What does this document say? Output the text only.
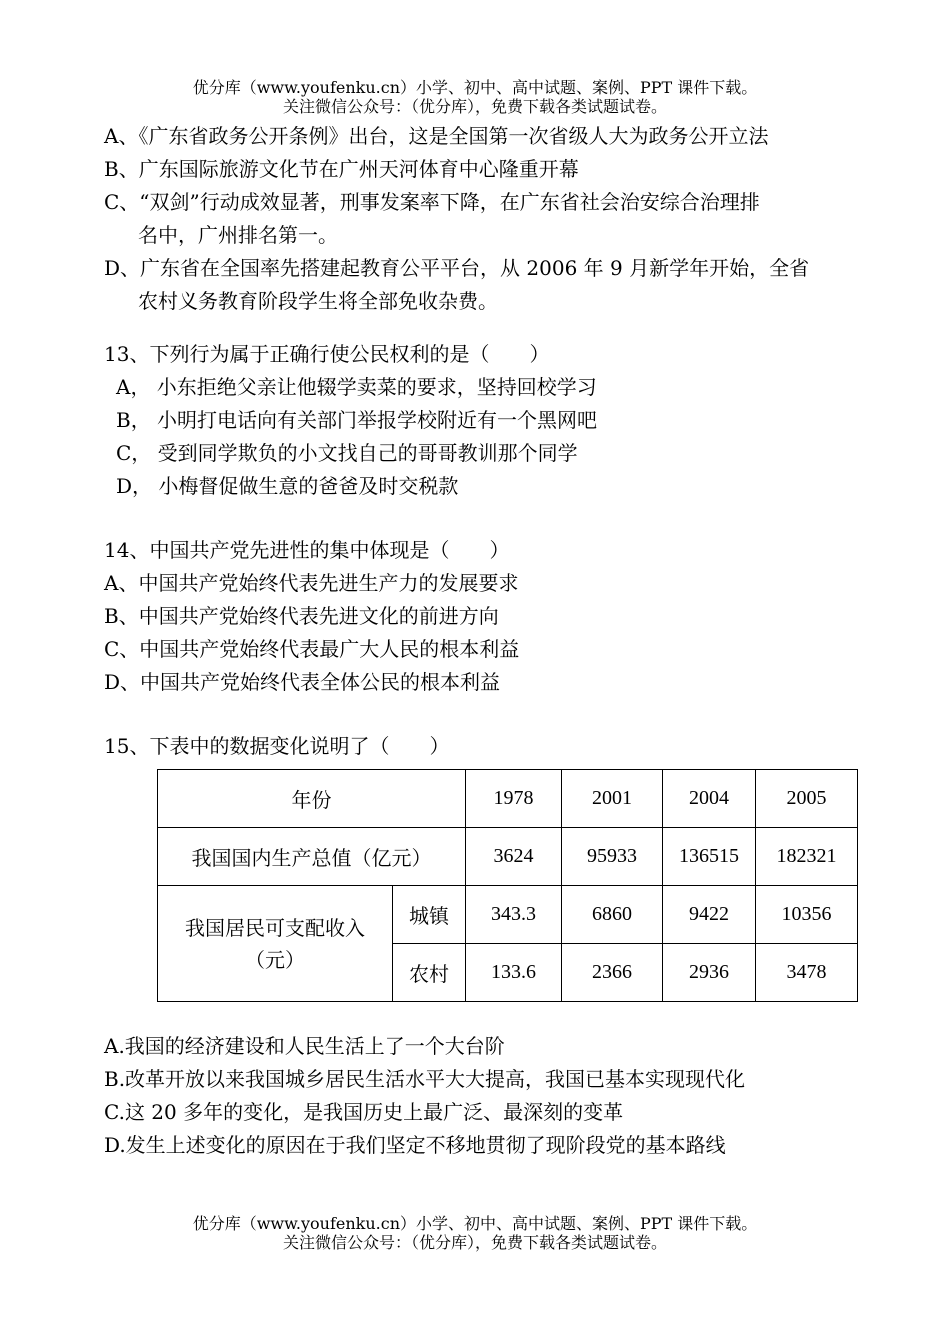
优分库（www.youfenku.cn）小学、初中、高中试题、案例、PPT 课件下载。
关注微信公众号：（优分库），免费下载各类试题试卷。
A、《广东省政务公开条例》出台，这是全国第一次省级人大为政务公开立法
B、广东国际旅游文化节在广州天河体育中心隆重开幕
C、“双剑”行动成效显著，刑事发案率下降，在广东省社会治安综合治理排
名中，广州排名第一。
D、广东省在全国率先搭建起教育公平平台，从 2006 年 9 月新学年开始，全省
农村义务教育阶段学生将全部免收杂费。
13、下列行为属于正确行使公民权利的是（　　）
A， 小东拒绝父亲让他辍学卖菜的要求，坚持回校学习
B， 小明打电话向有关部门举报学校附近有一个黑网吧
C， 受到同学欺负的小文找自己的哥哥教训那个同学
D， 小梅督促做生意的爸爸及时交税款
14、中国共产党先进性的集中体现是（　　）
A、中国共产党始终代表先进生产力的发展要求
B、中国共产党始终代表先进文化的前进方向
C、中国共产党始终代表最广大人民的根本利益
D、中国共产党始终代表全体公民的根本利益
15、下表中的数据变化说明了（　　）
年份		1978	2001	2004	2005
我国国内生产总值（亿元）		3624	95933	136515	182321
我国居民可支配收入
（元）	城镇	343.3	6860	9422	10356
	农村	133.6	2366	2936	3478
A.我国的经济建设和人民生活上了一个大台阶
B.改革开放以来我国城乡居民生活水平大大提高，我国已基本实现现代化
C.这 20 多年的变化，是我国历史上最广泛、最深刻的变革
D.发生上述变化的原因在于我们坚定不移地贯彻了现阶段党的基本路线
优分库（www.youfenku.cn）小学、初中、高中试题、案例、PPT 课件下载。
关注微信公众号：（优分库），免费下载各类试题试卷。
